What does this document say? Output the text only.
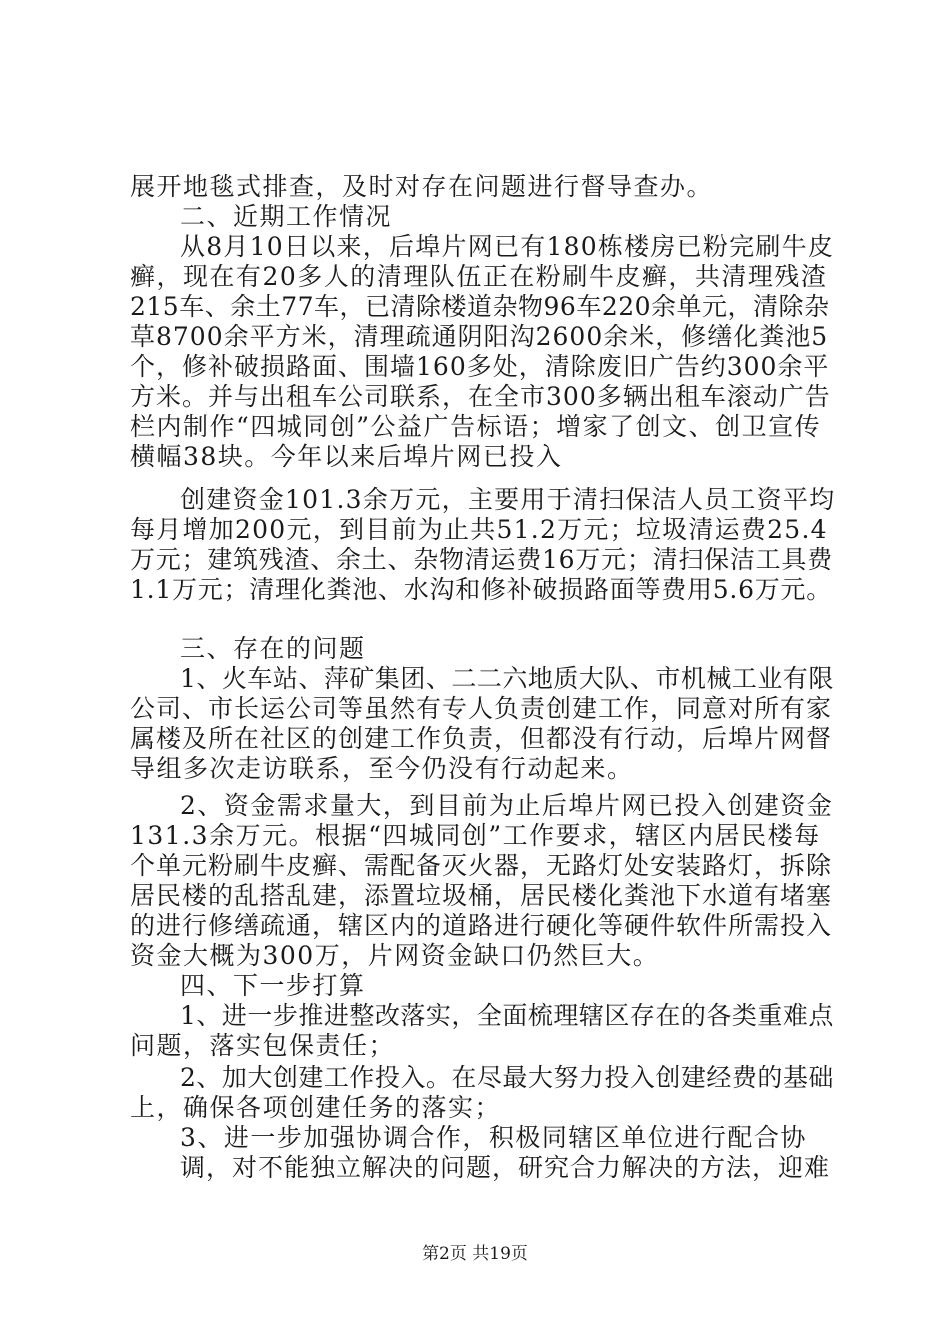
展开地毯式排查，及时对存在问题进行督导查办。
二、近期工作情况
从8月10日以来，后埠片网已有180栋楼房已粉完刷牛皮
癣，现在有20多人的清理队伍正在粉刷牛皮癣，共清理残渣
215车、余土77车，已清除楼道杂物96车220余单元，清除杂
草8700余平方米，清理疏通阴阳沟2600余米，修缮化粪池5
个，修补破损路面、围墙160多处，清除废旧广告约300余平
方米。并与出租车公司联系，在全市300多辆出租车滚动广告
栏内制作“四城同创”公益广告标语；增家了创文、创卫宣传
横幅38块。今年以来后埠片网已投入
创建资金101.3余万元，主要用于清扫保洁人员工资平均
每月增加200元，到目前为止共51.2万元；垃圾清运费25.4
万元；建筑残渣、余土、杂物清运费16万元；清扫保洁工具费
1.1万元；清理化粪池、水沟和修补破损路面等费用5.6万元。
三、存在的问题
1、火车站、萍矿集团、二二六地质大队、市机械工业有限
公司、市长运公司等虽然有专人负责创建工作，同意对所有家
属楼及所在社区的创建工作负责，但都没有行动，后埠片网督
导组多次走访联系，至今仍没有行动起来。
2、资金需求量大，到目前为止后埠片网已投入创建资金
131.3余万元。根据“四城同创”工作要求，辖区内居民楼每
个单元粉刷牛皮癣、需配备灭火器，无路灯处安装路灯，拆除
居民楼的乱搭乱建，添置垃圾桶，居民楼化粪池下水道有堵塞
的进行修缮疏通，辖区内的道路进行硬化等硬件软件所需投入
资金大概为300万，片网资金缺口仍然巨大。
四、下一步打算
1、进一步推进整改落实，全面梳理辖区存在的各类重难点
问题，落实包保责任；
2、加大创建工作投入。在尽最大努力投入创建经费的基础
上，确保各项创建任务的落实；
3、进一步加强协调合作，积极同辖区单位进行配合协
调，对不能独立解决的问题，研究合力解决的方法，迎难
第2页 共19页
